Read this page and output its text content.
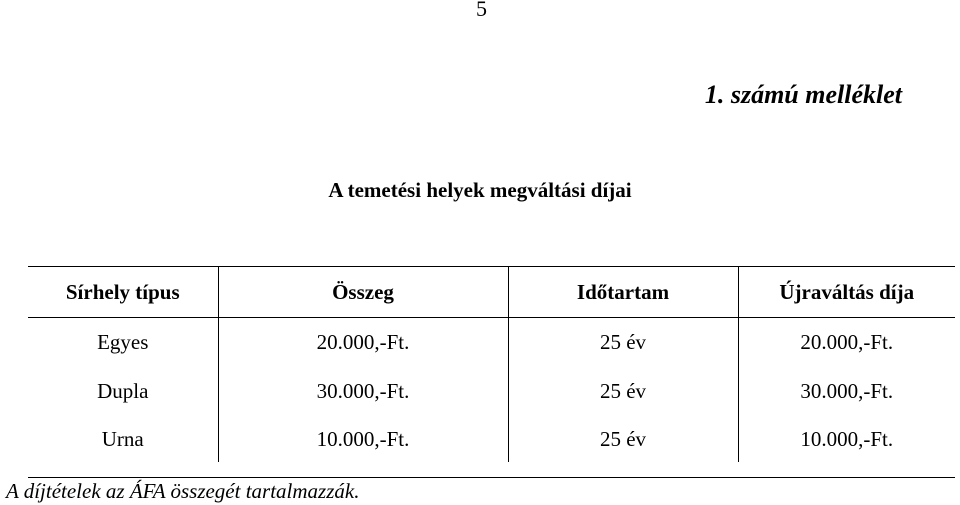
5
1. számú melléklet
A temetési helyek megváltási díjai
Sírhely típus	Összeg	Időtartam	Újraváltás díja
Egyes	20.000,-Ft.	25 év	20.000,-Ft.
Dupla	30.000,-Ft.	25 év	30.000,-Ft.
Urna	10.000,-Ft.	25 év	10.000,-Ft.
A díjtételek az ÁFA összegét tartalmazzák.
